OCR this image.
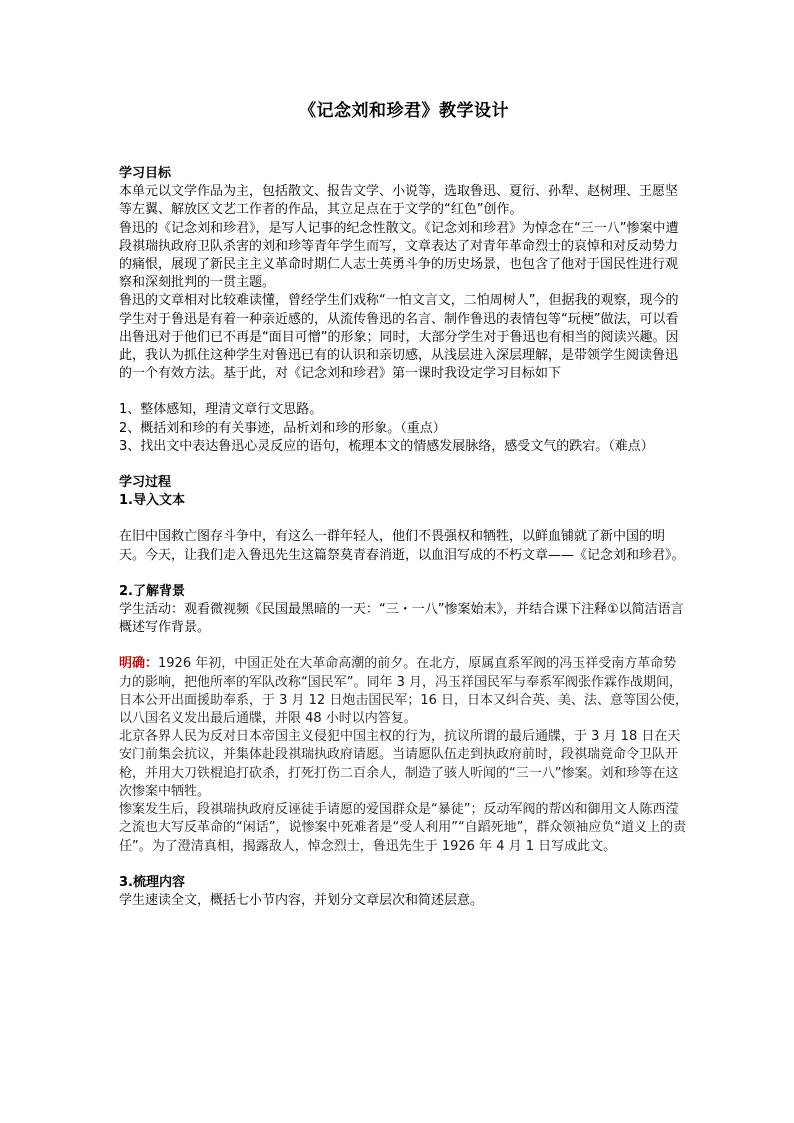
《记念刘和珍君》教学设计

学习目标

本单元以文学作品为主，包括散文、报告文学、小说等，选取鲁迅、夏衍、孙犁、赵树理、王愿坚等左翼、解放区文艺工作者的作品，其立足点在于文学的“红色”创作。

鲁迅的《记念刘和珍君》，是写人记事的纪念性散文。《记念刘和珍君》为悼念在“三一八”惨案中遭段祺瑞执政府卫队杀害的刘和珍等青年学生而写，文章表达了对青年革命烈士的哀悼和对反动势力的痛恨，展现了新民主主义革命时期仁人志士英勇斗争的历史场景，也包含了他对于国民性进行观察和深刻批判的一贯主题。

鲁迅的文章相对比较难读懂，曾经学生们戏称“一怕文言文，二怕周树人”，但据我的观察，现今的学生对于鲁迅是有着一种亲近感的，从流传鲁迅的名言、制作鲁迅的表情包等“玩梗”做法，可以看出鲁迅对于他们已不再是“面目可憎”的形象；同时，大部分学生对于鲁迅也有相当的阅读兴趣。因此，我认为抓住这种学生对鲁迅已有的认识和亲切感，从浅层进入深层理解，是带领学生阅读鲁迅的一个有效方法。基于此，对《记念刘和珍君》第一课时我设定学习目标如下

1、整体感知，理清文章行文思路。

2、概括刘和珍的有关事迹，品析刘和珍的形象。（重点）

3、找出文中表达鲁迅心灵反应的语句，梳理本文的情感发展脉络，感受文气的跌宕。（难点）

学习过程

1.导入文本

在旧中国救亡图存斗争中，有这么一群年轻人，他们不畏强权和牺牲，以鲜血铺就了新中国的明天。今天，让我们走入鲁迅先生这篇祭莫青春消逝，以血泪写成的不朽文章——《记念刘和珍君》。

2.了解背景

学生活动：观看微视频《民国最黑暗的一天：“三・一八”惨案始末》，并结合课下注释①以简洁语言概述写作背景。

明确：1926 年初，中国正处在大革命高潮的前夕。在北方，原属直系军阀的冯玉祥受南方革命势力的影响，把他所率的军队改称“国民军”。同年 3 月，冯玉祥国民军与奉系军阀张作霖作战期间，日本公开出面援助奉系，于 3 月 12 日炮击国民军；16 日，日本又纠合英、美、法、意等国公使，以八国名义发出最后通牒，并限 48 小时以内答复。

北京各界人民为反对日本帝国主义侵犯中国主权的行为，抗议所谓的最后通牒，于 3 月 18 日在天安门前集会抗议，并集体赴段祺瑞执政府请愿。当请愿队伍走到执政府前时，段祺瑞竟命令卫队开枪，并用大刀铁棍追打砍杀，打死打伤二百余人，制造了骇人听闻的“三一八”惨案。刘和珍等在这次惨案中牺牲。

惨案发生后，段祺瑞执政府反诬徒手请愿的爱国群众是“暴徒”；反动军阀的帮凶和御用文人陈西滢之流也大写反革命的“闲话”，说惨案中死难者是“受人利用”“自蹈死地”，群众领袖应负“道义上的责任”。为了澄清真相，揭露敌人，悼念烈士，鲁迅先生于 1926 年 4 月 1 日写成此文。

3.梳理内容

学生速读全文，概括七小节内容，并划分文章层次和简述层意。
